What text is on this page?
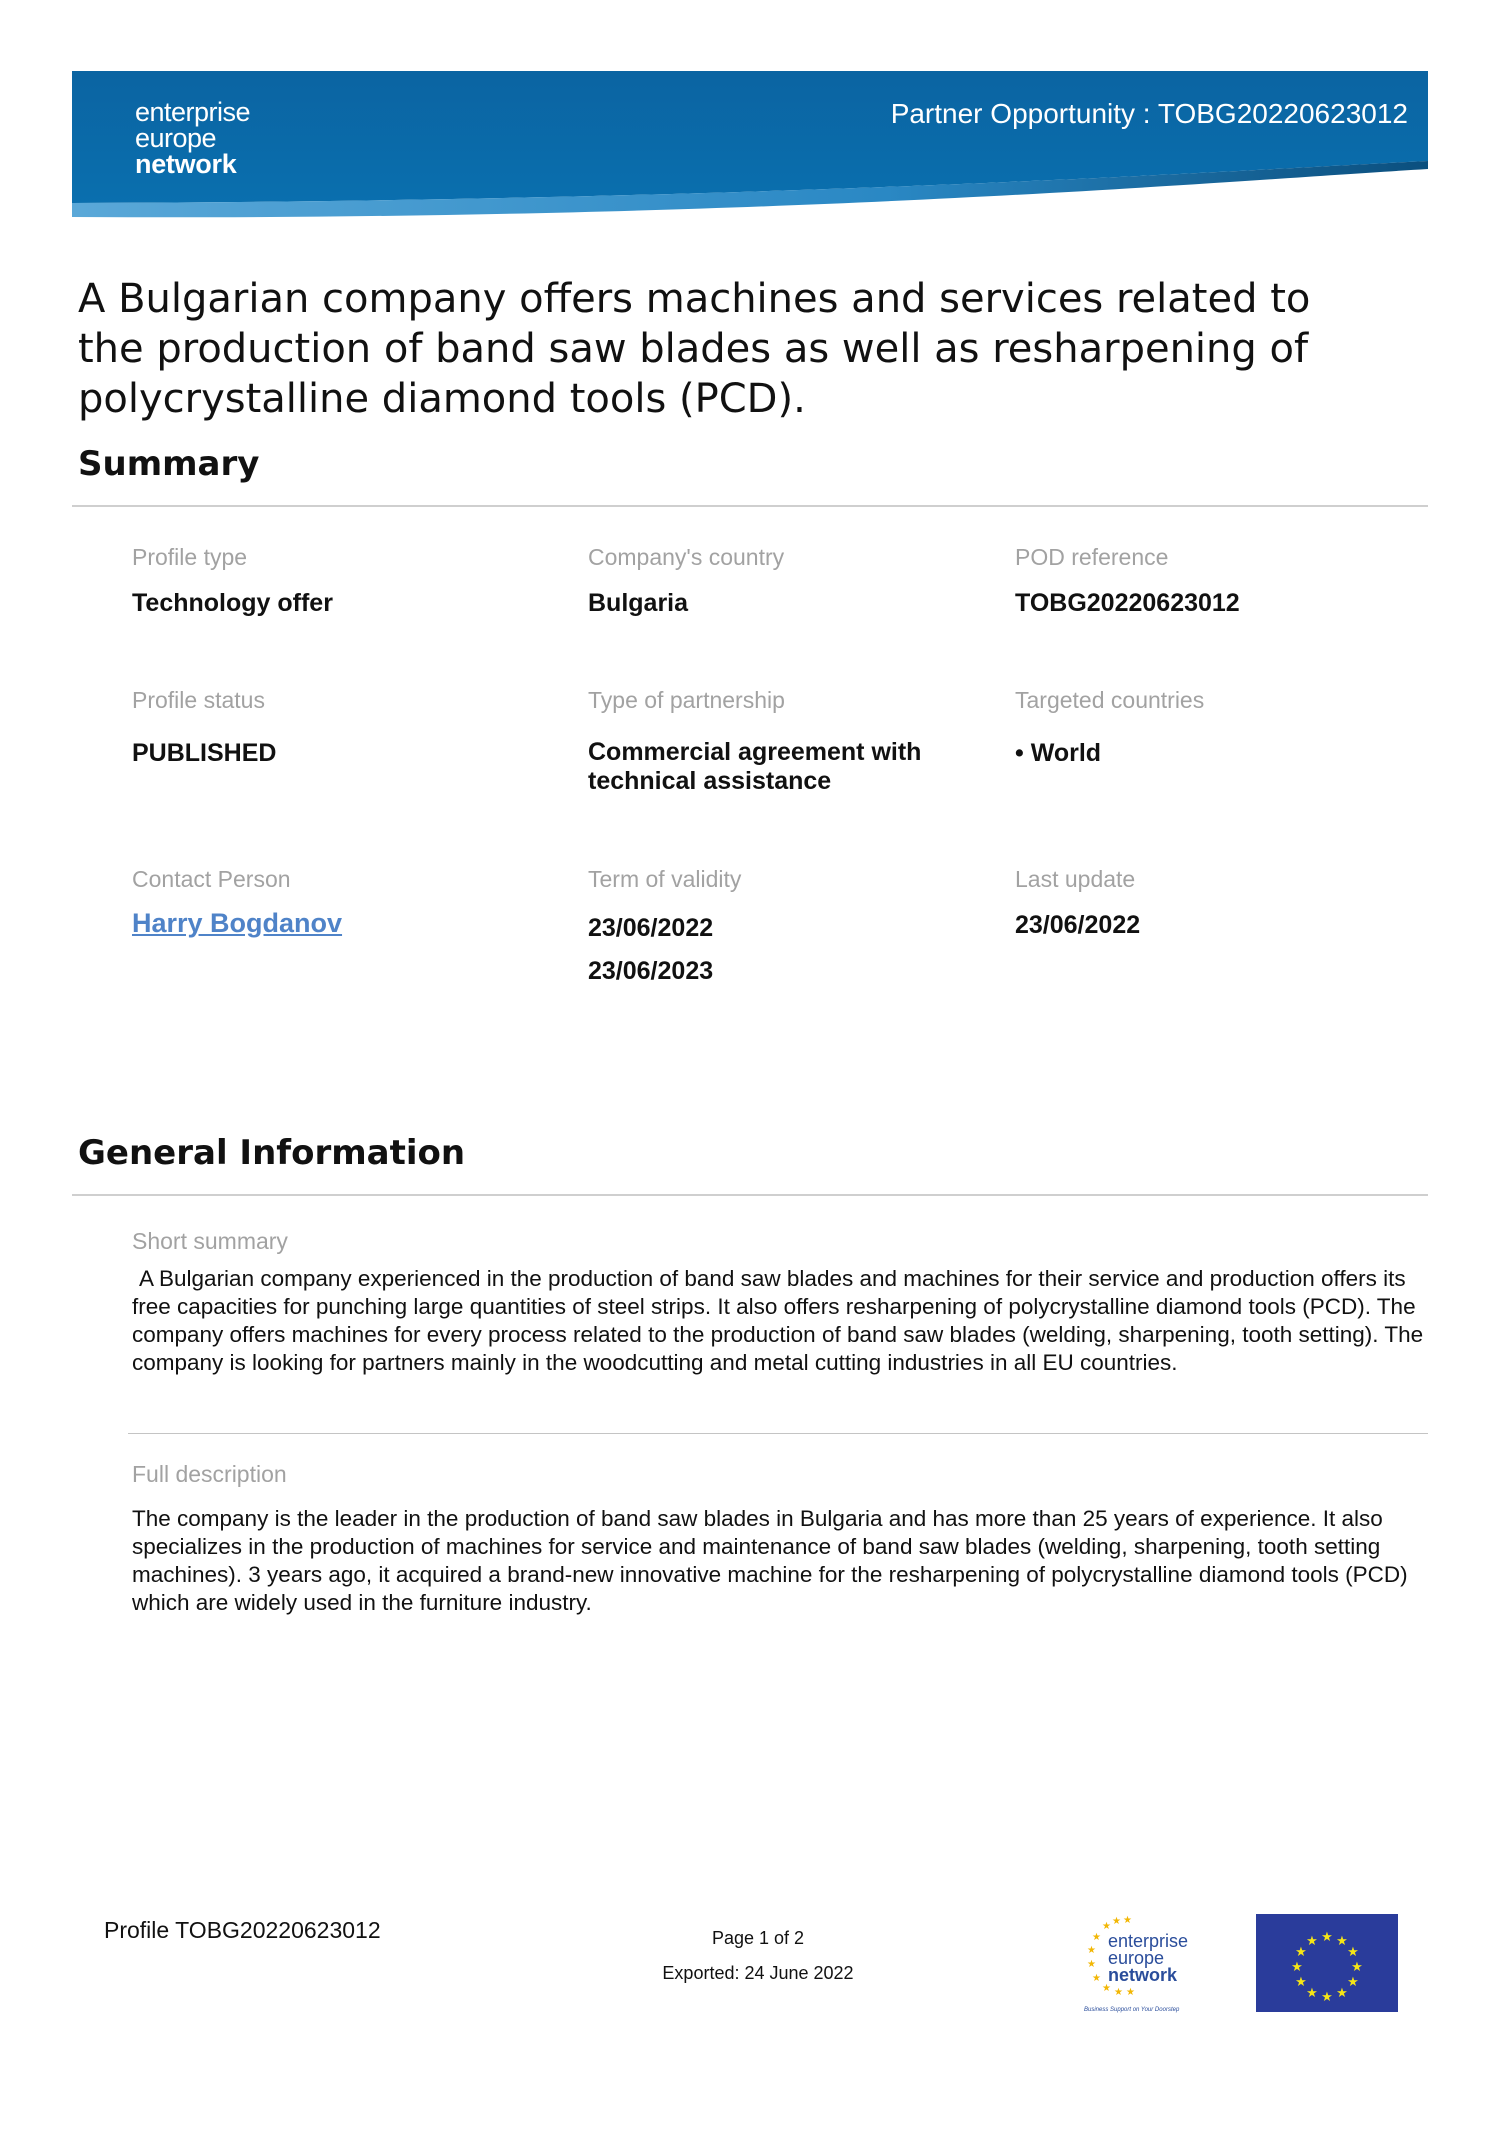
enterprise
europe
network
Partner Opportunity : TOBG20220623012
A Bulgarian company offers machines and services related to the production of band saw blades as well as resharpening of polycrystalline diamond tools (PCD).
Summary
Profile type
Technology offer
Company's country
Bulgaria
POD reference
TOBG20220623012
Profile status
PUBLISHED
Type of partnership
Commercial agreement with technical assistance
Targeted countries
• World
Contact Person
Harry Bogdanov
Term of validity
23/06/2022
23/06/2023
Last update
23/06/2022
General Information
Short summary
A Bulgarian company experienced in the production of band saw blades and machines for their service and production offers its free capacities for punching large quantities of steel strips. It also offers resharpening of polycrystalline diamond tools (PCD). The company offers machines for every process related to the production of band saw blades (welding, sharpening, tooth setting). The company is looking for partners mainly in the woodcutting and metal cutting industries in all EU countries.
Full description
The company is the leader in the production of band saw blades in Bulgaria and has more than 25 years of experience. It also specializes in the production of machines for service and maintenance of band saw blades (welding, sharpening, tooth setting machines). 3 years ago, it acquired a brand-new innovative machine for the resharpening of polycrystalline diamond tools (PCD) which are widely used in the furniture industry.
Profile TOBG20220623012	Page 1 of 2
Exported: 24 June 2022
★ ★ ★
★
★
★
★
★ ★ ★
enterprise
europe
network
Business Support on Your Doorstep
★ ★
★
★
★
★
★
★
★
★
★
★
